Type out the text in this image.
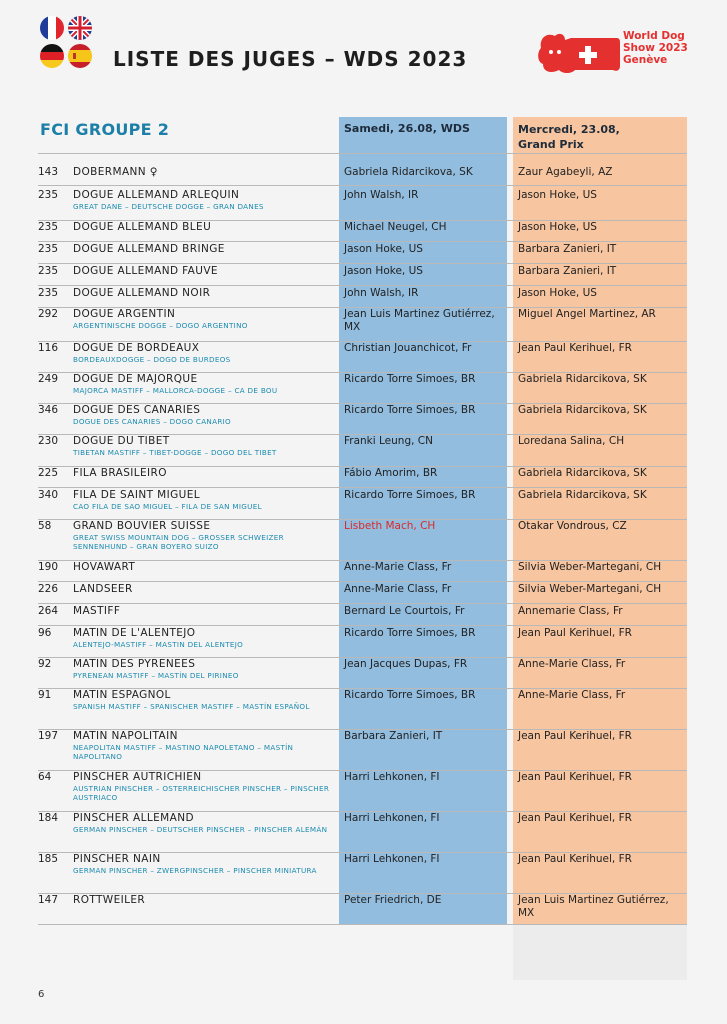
LISTE DES JUGES – WDS 2023
World Dog
Show 2023
Genève
FCI GROUPE 2	Samedi, 26.08, WDS	Mercredi, 23.08,
Grand Prix
143 DOBERMANN ♀	Gabriela Ridarcikova, SK	Zaur Agabeyli, AZ
235 DOGUE ALLEMAND ARLEQUIN
GREAT DANE – DEUTSCHE DOGGE – GRAN DANES
John Walsh, IR	Jason Hoke, US
235 DOGUE ALLEMAND BLEU	Michael Neugel, CH	Jason Hoke, US
235 DOGUE ALLEMAND BRINGE	Jason Hoke, US	Barbara Zanieri, IT
235 DOGUE ALLEMAND FAUVE	Jason Hoke, US	Barbara Zanieri, IT
235 DOGUE ALLEMAND NOIR	John Walsh, IR	Jason Hoke, US
292 DOGUE ARGENTIN
ARGENTINISCHE DOGGE – DOGO ARGENTINO
Jean Luis Martinez Gutiérrez, MX
Miguel Angel Martinez, AR
116 DOGUE DE BORDEAUX
BORDEAUXDOGGE – DOGO DE BURDEOS
Christian Jouanchicot, Fr	Jean Paul Kerihuel, FR
249 DOGUE DE MAJORQUE
MAJORCA MASTIFF – MALLORCA-DOGGE – CA DE BOU
Ricardo Torre Simoes, BR	Gabriela Ridarcikova, SK
346 DOGUE DES CANARIES
DOGUE DES CANARIES – DOGO CANARIO
Ricardo Torre Simoes, BR	Gabriela Ridarcikova, SK
230 DOGUE DU TIBET
TIBETAN MASTIFF – TIBET-DOGGE – DOGO DEL TIBET
Franki Leung, CN	Loredana Salina, CH
225 FILA BRASILEIRO	Fábio Amorim, BR	Gabriela Ridarcikova, SK
340 FILA DE SAINT MIGUEL
CAO FILA DE SAO MIGUEL – FILA DE SAN MIGUEL
Ricardo Torre Simoes, BR	Gabriela Ridarcikova, SK
58 GRAND BOUVIER SUISSE
GREAT SWISS MOUNTAIN DOG – GROSSER SCHWEIZER SENNENHUND – GRAN BOYERO SUIZO
Lisbeth Mach, CH	Otakar Vondrous, CZ
190 HOVAWART	Anne-Marie Class, Fr	Silvia Weber-Martegani, CH
226 LANDSEER	Anne-Marie Class, Fr	Silvia Weber-Martegani, CH
264 MASTIFF	Bernard Le Courtois, Fr	Annemarie Class, Fr
96 MATIN DE L'ALENTEJO
ALENTEJO-MASTIFF – MASTIN DEL ALENTEJO
Ricardo Torre Simoes, BR	Jean Paul Kerihuel, FR
92 MATIN DES PYRENEES
PYRENEAN MASTIFF – MASTÍN DEL PIRINEO
Jean Jacques Dupas, FR	Anne-Marie Class, Fr
91 MATIN ESPAGNOL
SPANISH MASTIFF – SPANISCHER MASTIFF – MASTÍN ESPAÑOL
Ricardo Torre Simoes, BR	Anne-Marie Class, Fr
197 MATIN NAPOLITAIN
NEAPOLITAN MASTIFF – MASTINO NAPOLETANO – MASTÍN NAPOLITANO
Barbara Zanieri, IT	Jean Paul Kerihuel, FR
64 PINSCHER AUTRICHIEN
AUSTRIAN PINSCHER – OSTERREICHISCHER PINSCHER – PINSCHER AUSTRIACO
Harri Lehkonen, FI	Jean Paul Kerihuel, FR
184 PINSCHER ALLEMAND
GERMAN PINSCHER – DEUTSCHER PINSCHER – PINSCHER ALEMÁN
Harri Lehkonen, FI	Jean Paul Kerihuel, FR
185 PINSCHER NAIN
GERMAN PINSCHER – ZWERGPINSCHER – PINSCHER MINIATURA
Harri Lehkonen, FI	Jean Paul Kerihuel, FR
147 ROTTWEILER	Peter Friedrich, DE	Jean Luis Martinez Gutiérrez, MX
6
